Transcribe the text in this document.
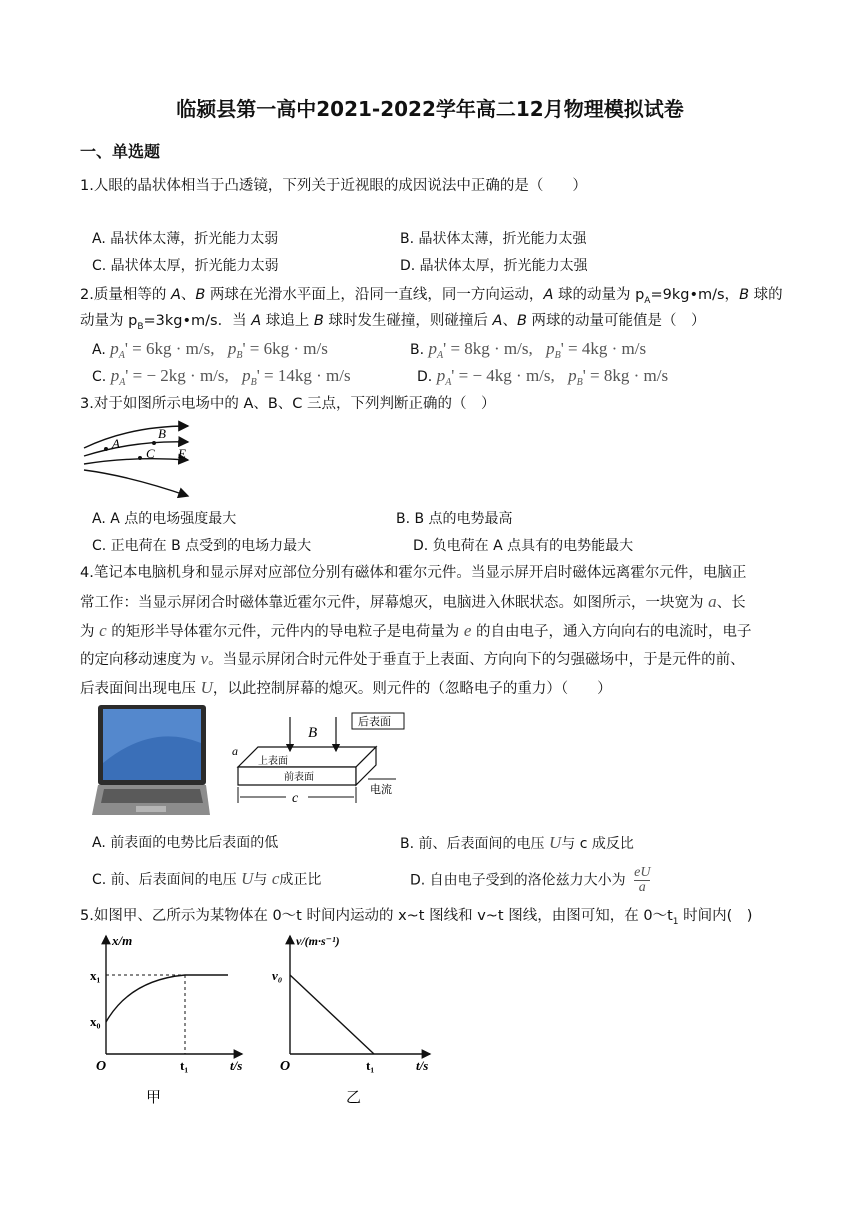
临颍县第一高中2021-2022学年高二12月物理模拟试卷
一、单选题
1.人眼的晶状体相当于凸透镜，下列关于近视眼的成因说法中正确的是（　　）
A. 晶状体太薄，折光能力太弱	B. 晶状体太薄，折光能力太强
C. 晶状体太厚，折光能力太弱	D. 晶状体太厚，折光能力太强
2.质量相等的 A、B 两球在光滑水平面上，沿同一直线，同一方向运动，A 球的动量为 $p_A=9kg•m/s$，B 球的
动量为 $p_B=3kg•m/s$．当 A 球追上 B 球时发生碰撞，则碰撞后 A、B 两球的动量可能值是（　）
A. $p_A' = 6kg \cdot m/s$, $p_B' = 6kg \cdot m/s$	B. $p_A' = 8kg \cdot m/s$, $p_B' = 4kg \cdot m/s$
C. $p_A'$ = − 2kg · m/s, $p_B' = 14kg \cdot m/s$	D. $p_A'$ = − 4kg · m/s, $p_B' = 8kg \cdot m/s$
3.对于如图所示电场中的 A、B、C 三点，下列判断正确的（　）
A
B
C E
A. A 点的电场强度最大	B. B 点的电势最高
C. 正电荷在 B 点受到的电场力最大	D. 负电荷在 A 点具有的电势能最大
4.笔记本电脑机身和显示屏对应部位分别有磁体和霍尔元件。当显示屏开启时磁体远离霍尔元件，电脑正
常工作：当显示屏闭合时磁体靠近霍尔元件，屏幕熄灭，电脑进入休眠状态。如图所示，一块宽为 a、长
为 c 的矩形半导体霍尔元件，元件内的导电粒子是电荷量为 e 的自由电子，通入方向向右的电流时，电子
的定向移动速度为 v。当显示屏闭合时元件处于垂直于上表面、方向向下的匀强磁场中，于是元件的前、
后表面间出现电压 U，以此控制屏幕的熄灭。则元件的（忽略电子的重力）（　　）
B
后表面
上表面
前表面
a
c
电流
A. 前表面的电势比后表面的低	B. 前、后表面间的电压 U与 c 成反比
C. 前、后表面间的电压 U与 c成正比	D. 自由电子受到的洛伦兹力大小为 $\frac{eU}{a}$
5.如图甲、乙所示为某物体在 0～t 时间内运动的 x~t 图线和 v~t 图线，由图可知，在 $0\sim t_1$ 时间内(　)
x/m
t/s
O
x₁
x₀
t₁
甲
v/(m·s⁻¹)
t/s
O
v₀
t₁
乙
